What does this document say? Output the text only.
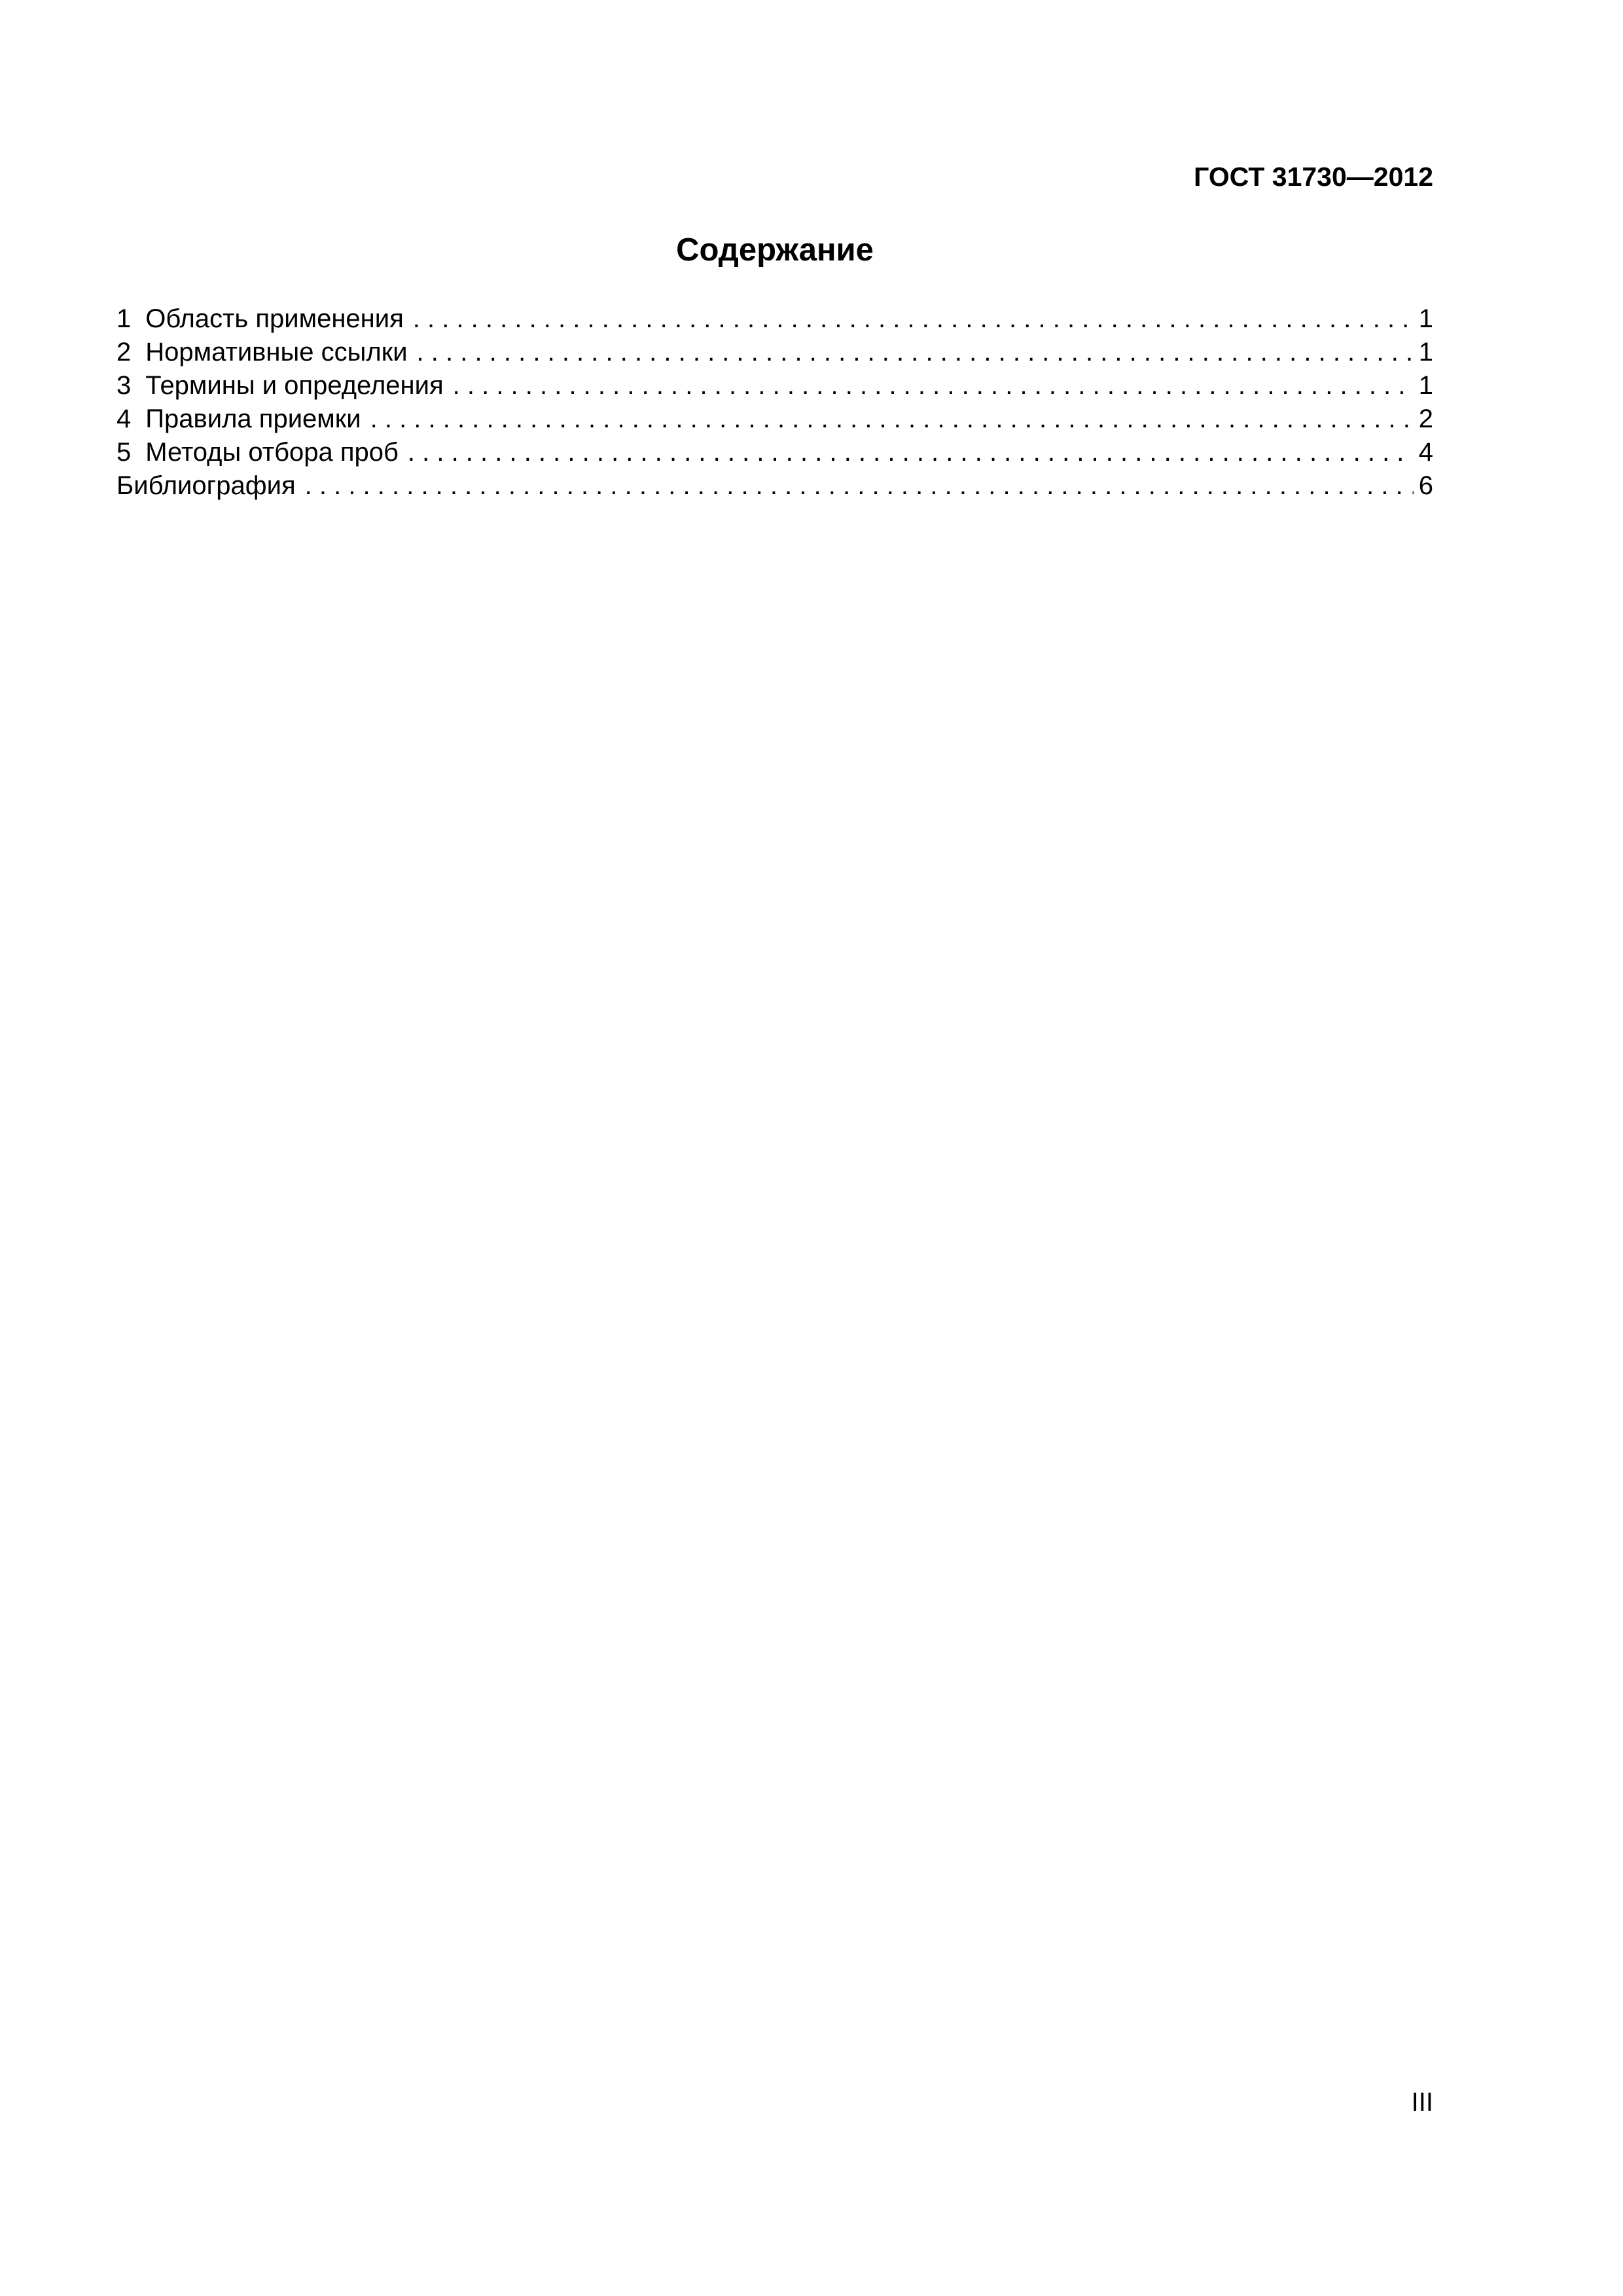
ГОСТ 31730—2012
Содержание
1 Область применения . . .	1
2 Нормативные ссылки . . .	1
3 Термины и определения . . .	1
4 Правила приемки . . .	2
5 Методы отбора проб . . .	4
Библиография . . .	6
III
